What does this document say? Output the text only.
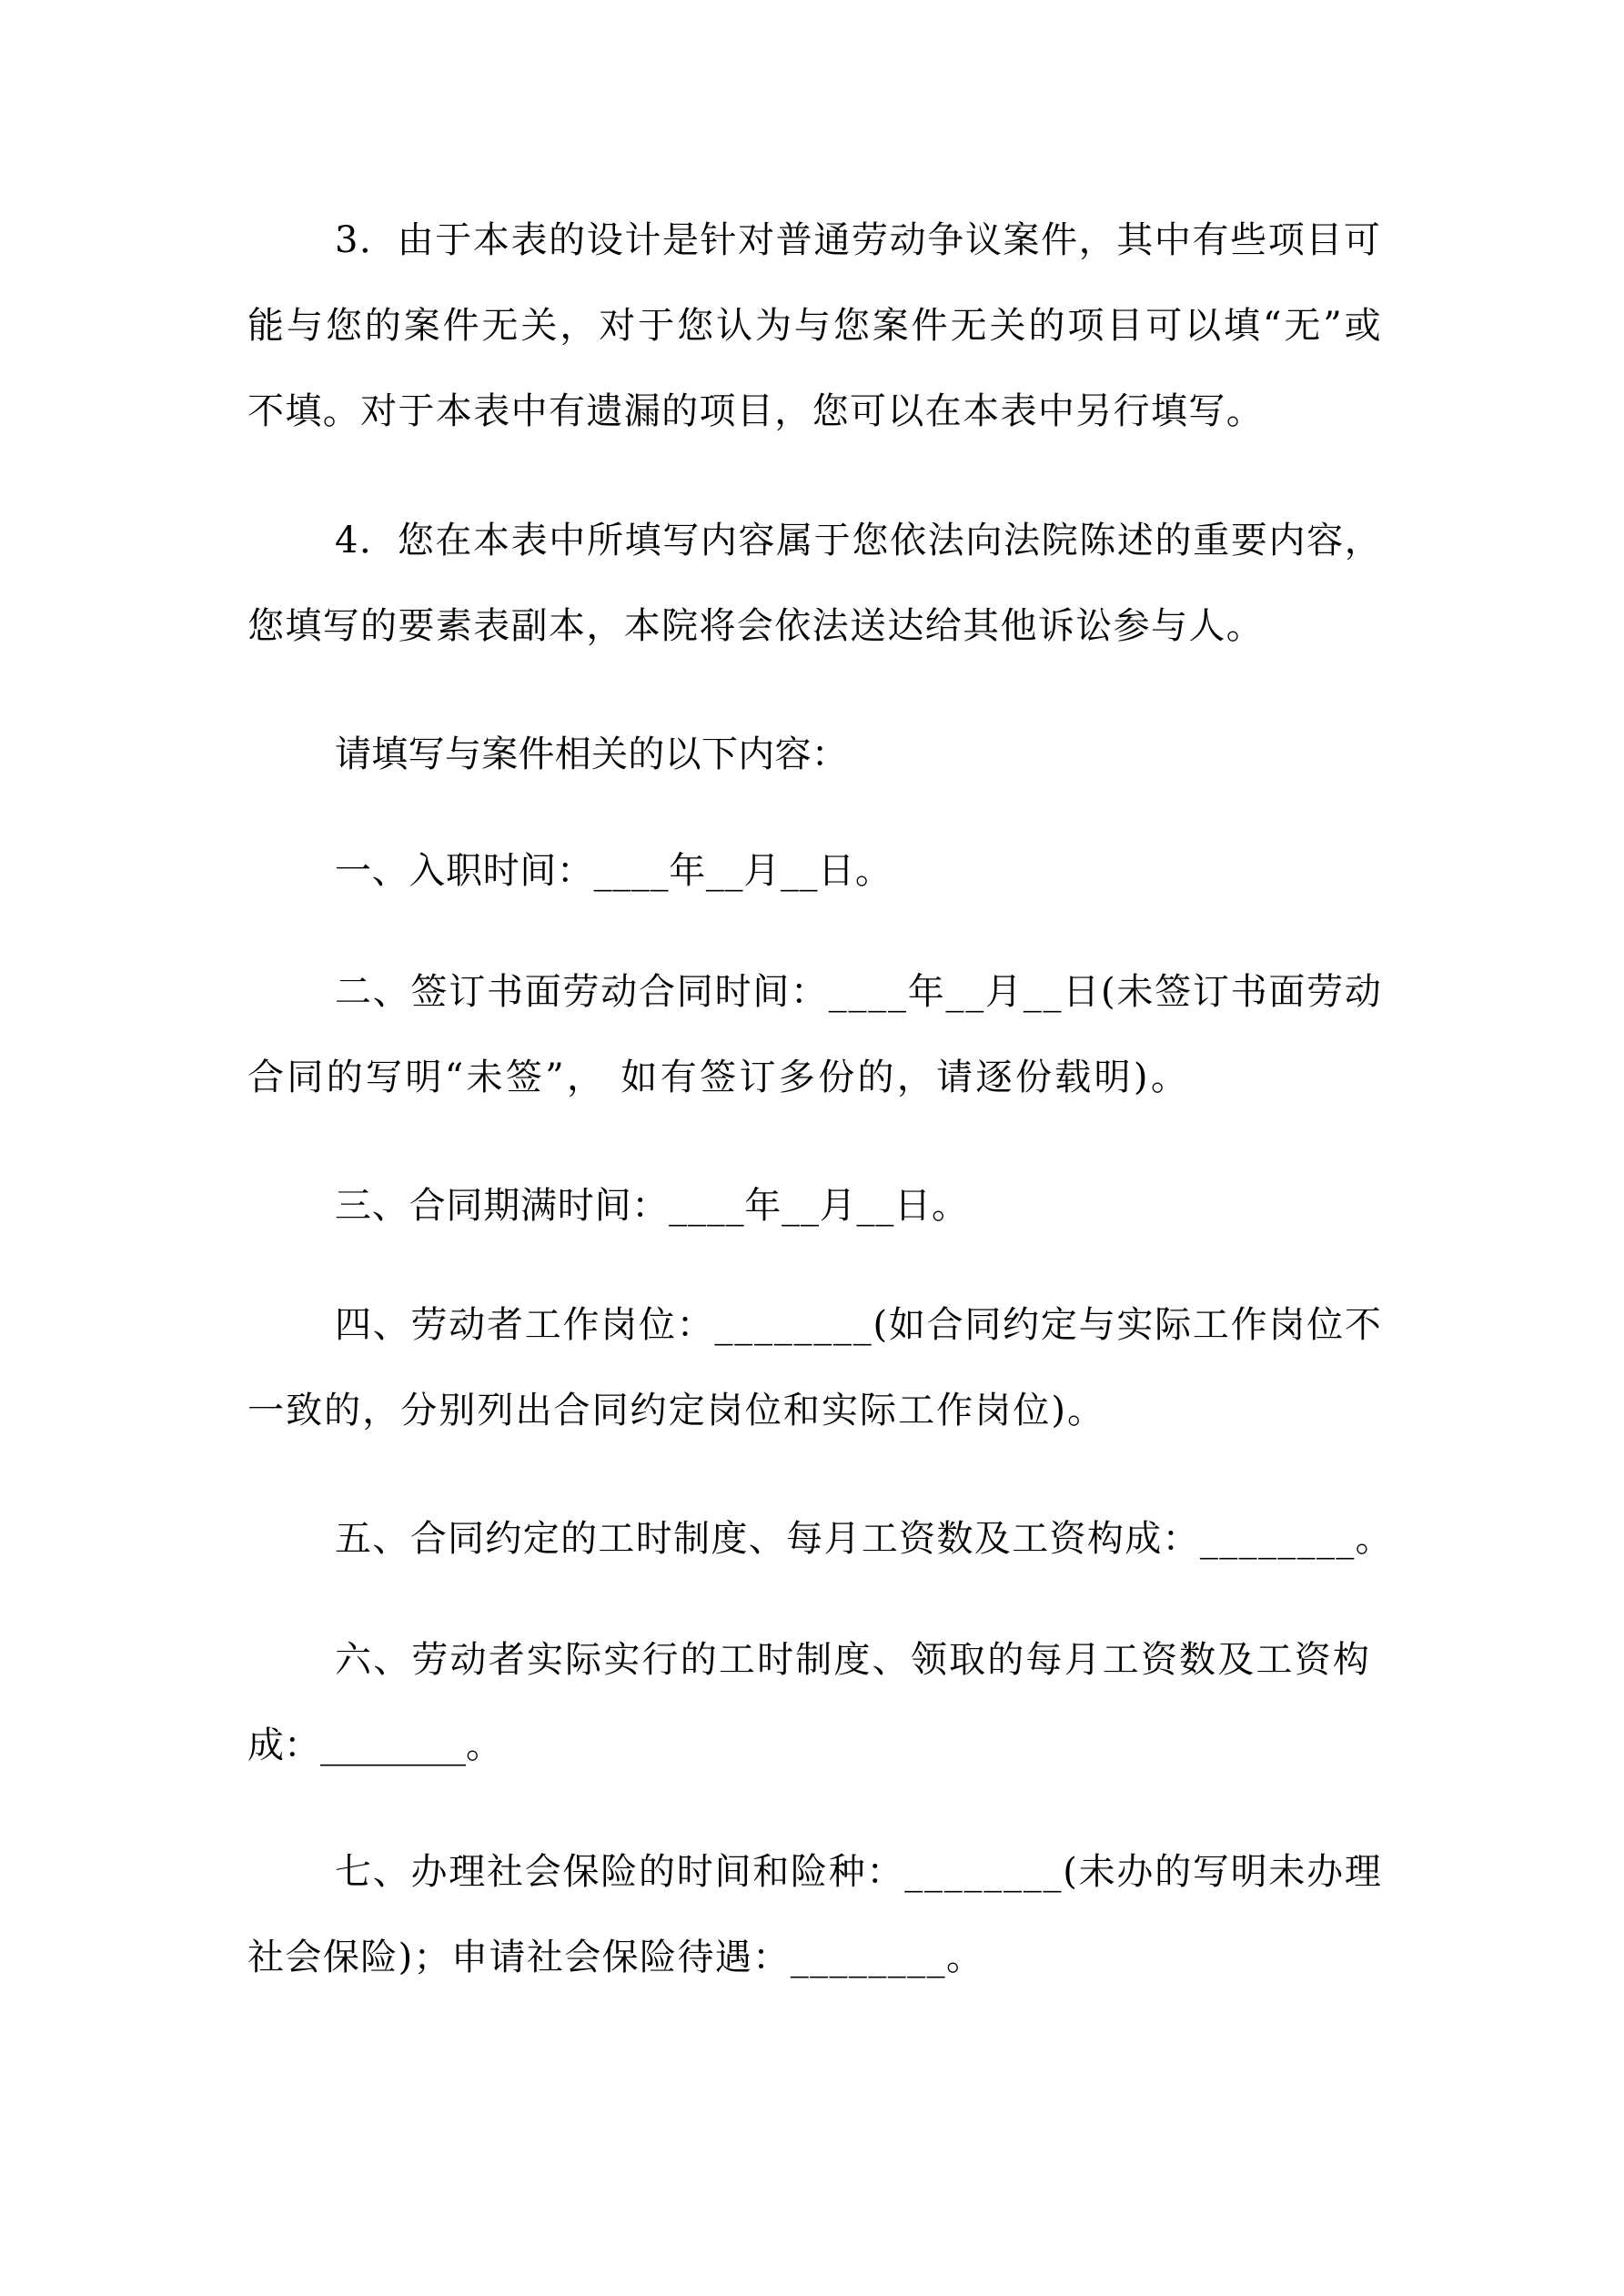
3 ． 由 于 本 表 的 设 计 是 针 对 普 通 劳 动 争 议 案 件 ， 其 中 有 些 项 目 可
能 与 您 的 案 件 无 关 ， 对 于 您 认 为 与 您 案 件 无 关 的 项 目 可 以 填 “ 无 ” 或
不 填 。 对 于 本 表 中 有 遗 漏 的 项 目 ， 您 可 以 在 本 表 中 另 行 填 写 。
4 ． 您 在 本 表 中 所 填 写 内 容 属 于 您 依 法 向 法 院 陈 述 的 重 要 内 容 ，
您 填 写 的 要 素 表 副 本 ， 本 院 将 会 依 法 送 达 给 其 他 诉 讼 参 与 人 。
请 填 写 与 案 件 相 关 的 以 下 内 容 ：
一 、 入 职 时 间 ： _ _ _ _ 年 _ _ 月 _ _ 日 。
二 、 签 订 书 面 劳 动 合 同 时 间 ： _ _ _ _ 年 _ _ 月 _ _ 日 ( 未 签 订 书 面 劳 动
合 同 的 写 明 “ 未 签 ” ，
如 有 签 订 多 份 的 ， 请 逐 份 载 明 ) 。
三 、 合 同 期 满 时 间 ： _ _ _ _ 年 _ _ 月 _ _ 日 。
四 、 劳 动 者 工 作 岗 位 ： _ _ _ _ _ _ _ _ ( 如 合 同 约 定 与 实 际 工 作 岗 位 不
一 致 的 ， 分 别 列 出 合 同 约 定 岗 位 和 实 际 工 作 岗 位 ) 。
五 、 合 同 约 定 的 工 时 制 度 、 每 月 工 资 数 及 工 资 构 成 ： _ _ _ _ _ _ _ _ 。
六 、 劳 动 者 实 际 实 行 的 工 时 制 度 、 领 取 的 每 月 工 资 数 及 工 资 构
成 ： _ _ _ _ _ _ _ _ 。
七 、 办 理 社 会 保 险 的 时 间 和 险 种 ： _ _ _ _ _ _ _ _ ( 未 办 的 写 明 未 办 理
社 会 保 险 ) ； 申 请 社 会 保 险 待 遇 ： _ _ _ _ _ _ _ _ 。
